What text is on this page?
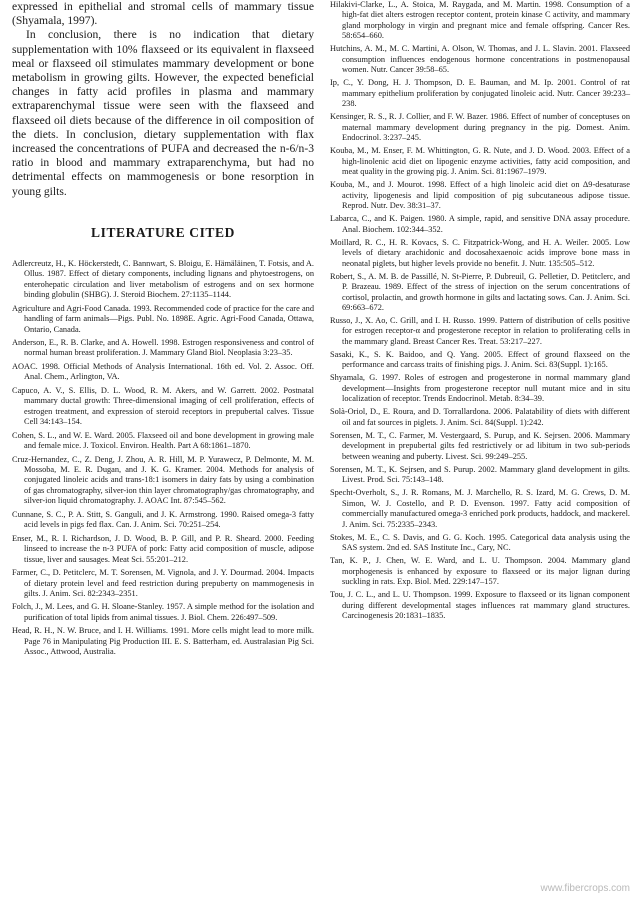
expressed in epithelial and stromal cells of mammary tissue (Shyamala, 1997).

In conclusion, there is no indication that dietary supplementation with 10% flaxseed or its equivalent in flaxseed meal or flaxseed oil stimulates mammary development or bone metabolism in growing gilts. However, the expected beneficial changes in fatty acid profiles in plasma and mammary extraparenchymal tissue were seen with the flaxseed and flaxseed oil diets because of the difference in oil composition of the diets. In conclusion, dietary supplementation with flax increased the concentrations of PUFA and decreased the n-6/n-3 ratio in blood and mammary extraparenchyma, but had no detrimental effects on mammogenesis or bone resorption in young gilts.

LITERATURE CITED
Adlercreutz, H., K. Höckerstedt, C. Bannwart, S. Bloigu, E. Hämäläinen, T. Fotsis, and A. Ollus. 1987. Effect of dietary components, including lignans and phytoestrogens, on enterohepatic circulation and liver metabolism of estrogens and on sex hormone binding globulin (SHBG). J. Steroid Biochem. 27:1135–1144.
Agriculture and Agri-Food Canada. 1993. Recommended code of practice for the care and handling of farm animals—Pigs. Publ. No. 1898E. Agric. Agri-Food Canada, Ottawa, Ontario, Canada.
Anderson, E., R. B. Clarke, and A. Howell. 1998. Estrogen responsiveness and control of normal human breast proliferation. J. Mammary Gland Biol. Neoplasia 3:23–35.
AOAC. 1998. Official Methods of Analysis International. 16th ed. Vol. 2. Assoc. Off. Anal. Chem., Arlington, VA.
Capuco, A. V., S. Ellis, D. L. Wood, R. M. Akers, and W. Garrett. 2002. Postnatal mammary ductal growth: Three-dimensional imaging of cell proliferation, effects of estrogen treatment, and expression of steroid receptors in prepubertal calves. Tissue Cell 34:143–154.
Cohen, S. L., and W. E. Ward. 2005. Flaxseed oil and bone development in growing male and female mice. J. Toxicol. Environ. Health. Part A 68:1861–1870.
Cruz-Hernandez, C., Z. Deng, J. Zhou, A. R. Hill, M. P. Yurawecz, P. Delmonte, M. M. Mossoba, M. E. R. Dugan, and J. K. G. Kramer. 2004. Methods for analysis of conjugated linoleic acids and trans-18:1 isomers in dairy fats by using a combination of gas chromatography, silver-ion thin layer chromatography/gas chromatography, and silver-ion liquid chromatography. J. AOAC Int. 87:545–562.
Cunnane, S. C., P. A. Stitt, S. Ganguli, and J. K. Armstrong. 1990. Raised omega-3 fatty acid levels in pigs fed flax. Can. J. Anim. Sci. 70:251–254.
Enser, M., R. I. Richardson, J. D. Wood, B. P. Gill, and P. R. Sheard. 2000. Feeding linseed to increase the n-3 PUFA of pork: Fatty acid composition of muscle, adipose tissue, liver and sausages. Meat Sci. 55:201–212.
Farmer, C., D. Petitclerc, M. T. Sorensen, M. Vignola, and J. Y. Dourmad. 2004. Impacts of dietary protein level and feed restriction during prepuberty on mammogenesis in gilts. J. Anim. Sci. 82:2343–2351.
Folch, J., M. Lees, and G. H. Sloane-Stanley. 1957. A simple method for the isolation and purification of total lipids from animal tissues. J. Biol. Chem. 226:497–509.
Head, R. H., N. W. Bruce, and I. H. Williams. 1991. More cells might lead to more milk. Page 76 in Manipulating Pig Production III. E. S. Batterham, ed. Australasian Pig Sci. Assoc., Attwood, Australia.
Hilakivi-Clarke, L., A. Stoica, M. Raygada, and M. Martin. 1998. Consumption of a high-fat diet alters estrogen receptor content, protein kinase C activity, and mammary gland morphology in virgin and pregnant mice and female offspring. Cancer Res. 58:654–660.
Hutchins, A. M., M. C. Martini, A. Olson, W. Thomas, and J. L. Slavin. 2001. Flaxseed consumption influences endogenous hormone concentrations in postmenopausal women. Nutr. Cancer 39:58–65.
Ip, C., Y. Dong, H. J. Thompson, D. E. Bauman, and M. Ip. 2001. Control of rat mammary epithelium proliferation by conjugated linoleic acid. Nutr. Cancer 39:233–238.
Kensinger, R. S., R. J. Collier, and F. W. Bazer. 1986. Effect of number of conceptuses on maternal mammary development during pregnancy in the pig. Domest. Anim. Endocrinol. 3:237–245.
Kouba, M., M. Enser, F. M. Whittington, G. R. Nute, and J. D. Wood. 2003. Effect of a high-linolenic acid diet on lipogenic enzyme activities, fatty acid composition, and meat quality in the growing pig. J. Anim. Sci. 81:1967–1979.
Kouba, M., and J. Mourot. 1998. Effect of a high linoleic acid diet on Δ9-desaturase activity, lipogenesis and lipid composition of pig subcutaneous adipose tissue. Reprod. Nutr. Dev. 38:31–37.
Labarca, C., and K. Paigen. 1980. A simple, rapid, and sensitive DNA assay procedure. Anal. Biochem. 102:344–352.
Moillard, R. C., H. R. Kovacs, S. C. Fitzpatrick-Wong, and H. A. Weiler. 2005. Low levels of dietary arachidonic and docosahexaenoic acids improve bone mass in neonatal piglets, but higher levels provide no benefit. J. Nutr. 135:505–512.
Robert, S., A. M. B. de Passillé, N. St-Pierre, P. Dubreuil, G. Pelletier, D. Petitclerc, and P. Brazeau. 1989. Effect of the stress of injection on the serum concentrations of cortisol, prolactin, and growth hormone in gilts and lactating sows. Can. J. Anim. Sci. 69:663–672.
Russo, J., X. Ao, C. Grill, and I. H. Russo. 1999. Pattern of distribution of cells positive for estrogen receptor-α and progesterone receptor in relation to proliferating cells in the mammary gland. Breast Cancer Res. Treat. 53:217–227.
Sasaki, K., S. K. Baidoo, and Q. Yang. 2005. Effect of ground flaxseed on the performance and carcass traits of finishing pigs. J. Anim. Sci. 83(Suppl. 1):165.
Shyamala, G. 1997. Roles of estrogen and progesterone in normal mammary gland development—Insights from progesterone receptor null mutant mice and in situ localization of receptor. Trends Endocrinol. Metab. 8:34–39.
Solà-Oriol, D., E. Roura, and D. Torrallardona. 2006. Palatability of diets with different oil and fat sources in piglets. J. Anim. Sci. 84(Suppl. 1):242.
Sorensen, M. T., C. Farmer, M. Vestergaard, S. Purup, and K. Sejrsen. 2006. Mammary development in prepubertal gilts fed restrictively or ad libitum in two sub-periods between weaning and puberty. Livest. Sci. 99:249–255.
Sorensen, M. T., K. Sejrsen, and S. Purup. 2002. Mammary gland development in gilts. Livest. Prod. Sci. 75:143–148.
Specht-Overholt, S., J. R. Romans, M. J. Marchello, R. S. Izard, M. G. Crews, D. M. Simon, W. J. Costello, and P. D. Evenson. 1997. Fatty acid composition of commercially manufactured omega-3 enriched pork products, haddock, and mackerel. J. Anim. Sci. 75:2335–2343.
Stokes, M. E., C. S. Davis, and G. G. Koch. 1995. Categorical data analysis using the SAS system. 2nd ed. SAS Institute Inc., Cary, NC.
Tan, K. P., J. Chen, W. E. Ward, and L. U. Thompson. 2004. Mammary gland morphogenesis is enhanced by exposure to flaxseed or its major lignan during suckling in rats. Exp. Biol. Med. 229:147–157.
Tou, J. C. L., and L. U. Thompson. 1999. Exposure to flaxseed or its lignan component during different developmental stages influences rat mammary gland structures. Carcinogenesis 20:1831–1835.
www.fibercrops.com
